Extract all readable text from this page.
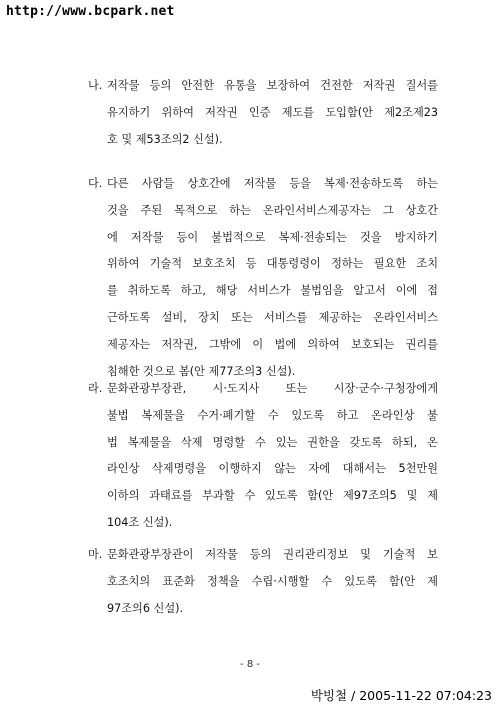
http://www.bcpark.net
나. 저작물 등의 안전한 유통을 보장하여 건전한 저작권 질서를
유지하기 위하여 저작권 인증 제도를 도입함(안 제2조제23
호 및 제53조의2 신설).
다. 다른 사람들 상호간에 저작물 등을 복제·전송하도록 하는
것을 주된 목적으로 하는 온라인서비스제공자는 그 상호간
에 저작물 등이 불법적으로 복제·전송되는 것을 방지하기
위하여 기술적 보호조치 등 대통령령이 정하는 필요한 조치
를 취하도록 하고, 해당 서비스가 불법임을 알고서 이에 접
근하도록 설비, 장치 또는 서비스를 제공하는 온라인서비스
제공자는 저작권, 그밖에 이 법에 의하여 보호되는 권리를
침해한 것으로 봄(안 제77조의3 신설).
라. 문화관광부장관, 시·도지사 또는 시장·군수·구청장에게
불법 복제물을 수거·폐기할 수 있도록 하고 온라인상 불
법 복제물을 삭제 명령할 수 있는 권한을 갖도록 하되, 온
라인상 삭제명령을 이행하지 않는 자에 대해서는 5천만원
이하의 과태료를 부과할 수 있도록 함(안 제97조의5 및 제
104조 신설).
마. 문화관광부장관이 저작물 등의 권리관리정보 및 기술적 보
호조치의 표준화 정책을 수립·시행할 수 있도록 함(안 제
97조의6 신설).
- 8 -
박빙철 / 2005-11-22 07:04:23
